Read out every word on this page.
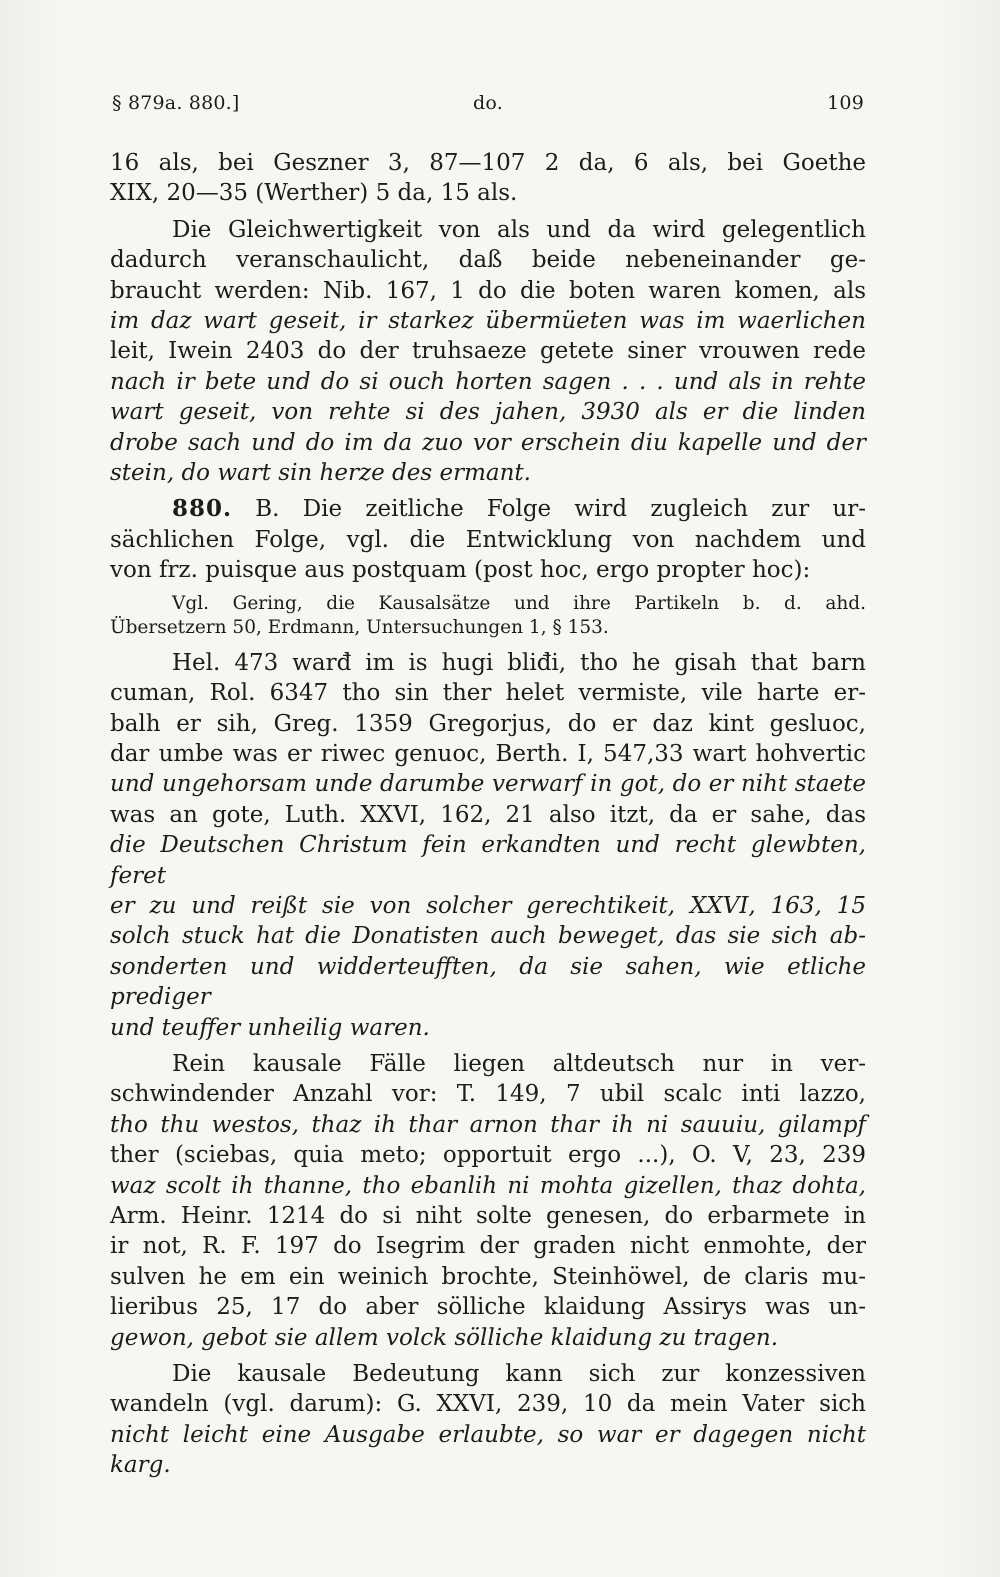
§ 879a. 880.]	do.	109
16 als, bei Geszner 3, 87—107 2 da, 6 als, bei Goethe
XIX, 20—35 (Werther) 5 da, 15 als.
Die Gleichwertigkeit von als und da wird gelegentlich
dadurch veranschaulicht, daß beide nebeneinander ge-
braucht werden: Nib. 167, 1 do die boten waren komen, als
im daz wart geseit, ir starkez übermüeten was im waerlichen
leit, Iwein 2403 do der truhsaeze getete siner vrouwen rede
nach ir bete und do si ouch horten sagen . . . und als in rehte
wart geseit, von rehte si des jahen, 3930 als er die linden
drobe sach und do im da zuo vor erschein diu kapelle und der
stein, do wart sin herze des ermant.
880. B. Die zeitliche Folge wird zugleich zur ur-
sächlichen Folge, vgl. die Entwicklung von nachdem und
von frz. puisque aus postquam (post hoc, ergo propter hoc):
Vgl. Gering, die Kausalsätze und ihre Partikeln b. d. ahd.
Übersetzern 50, Erdmann, Untersuchungen 1, § 153.
Hel. 473 warđ im is hugi bliđi, tho he gisah that barn
cuman, Rol. 6347 tho sin ther helet vermiste, vile harte er-
balh er sih, Greg. 1359 Gregorjus, do er daz kint gesluoc,
dar umbe was er riwec genuoc, Berth. I, 547,33 wart hohvertic
und ungehorsam unde darumbe verwarf in got, do er niht staete
was an gote, Luth. XXVI, 162, 21 also itzt, da er sahe, das
die Deutschen Christum fein erkandten und recht glewbten, feret
er zu und reißt sie von solcher gerechtikeit, XXVI, 163, 15
solch stuck hat die Donatisten auch beweget, das sie sich ab-
sonderten und widderteufften, da sie sahen, wie etliche prediger
und teuffer unheilig waren.
Rein kausale Fälle liegen altdeutsch nur in ver-
schwindender Anzahl vor: T. 149, 7 ubil scalc inti lazzo,
tho thu westos, thaz ih thar arnon thar ih ni sauuiu, gilampf
ther (sciebas, quia meto; opportuit ergo ...), O. V, 23, 239
waz scolt ih thanne, tho ebanlih ni mohta gizellen, thaz dohta,
Arm. Heinr. 1214 do si niht solte genesen, do erbarmete in
ir not, R. F. 197 do Isegrim der graden nicht enmohte, der
sulven he em ein weinich brochte, Steinhöwel, de claris mu-
lieribus 25, 17 do aber sölliche klaidung Assirys was un-
gewon, gebot sie allem volck sölliche klaidung zu tragen.
Die kausale Bedeutung kann sich zur konzessiven
wandeln (vgl. darum): G. XXVI, 239, 10 da mein Vater sich
nicht leicht eine Ausgabe erlaubte, so war er dagegen nicht karg.
